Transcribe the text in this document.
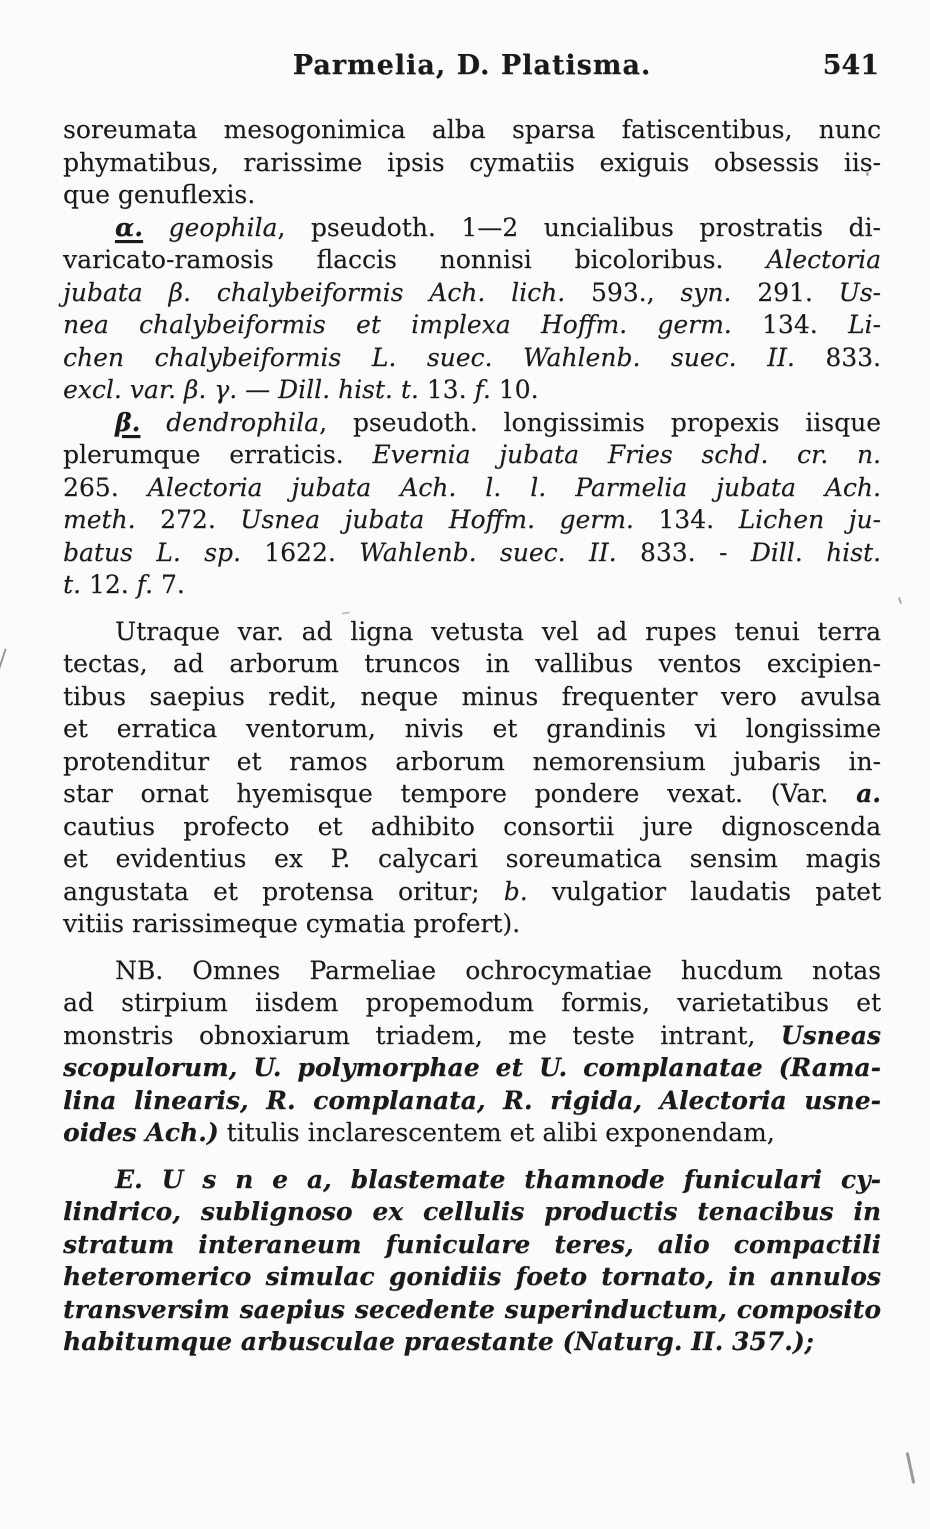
Parmelia, D. Platisma.	541
soreumata mesogonimica alba sparsa fatiscentibus, nunc
phymatibus, rarissime ipsis cymatiis exiguis obsessis iis-
que genuflexis.
α. geophila, pseudoth. 1—2 uncialibus prostratis di-
varicato-ramosis flaccis nonnisi bicoloribus. Alectoria
jubata β. chalybeiformis Ach. lich. 593., syn. 291. Us-
nea chalybeiformis et implexa Hoffm. germ. 134. Li-
chen chalybeiformis L. suec. Wahlenb. suec. II. 833.
excl. var. β. γ. — Dill. hist. t. 13. f. 10.
β. dendrophila, pseudoth. longissimis propexis iisque
plerumque erraticis. Evernia jubata Fries schd. cr. n.
265. Alectoria jubata Ach. l. l. Parmelia jubata Ach.
meth. 272. Usnea jubata Hoffm. germ. 134. Lichen ju-
batus L. sp. 1622. Wahlenb. suec. II. 833. - Dill. hist.
t. 12. f. 7.
Utraque var. ad ligna vetusta vel ad rupes tenui terra
tectas, ad arborum truncos in vallibus ventos excipien-
tibus saepius redit, neque minus frequenter vero avulsa
et erratica ventorum, nivis et grandinis vi longissime
protenditur et ramos arborum nemorensium jubaris in-
star ornat hyemisque tempore pondere vexat. (Var. a.
cautius profecto et adhibito consortii jure dignoscenda
et evidentius ex P. calycari soreumatica sensim magis
angustata et protensa oritur; b. vulgatior laudatis patet
vitiis rarissimeque cymatia profert).
NB. Omnes Parmeliae ochrocymatiae hucdum notas
ad stirpium iisdem propemodum formis, varietatibus et
monstris obnoxiarum triadem, me teste intrant, Usneas
scopulorum, U. polymorphae et U. complanatae (Rama-
lina linearis, R. complanata, R. rigida, Alectoria usne-
oides Ach.) titulis inclarescentem et alibi exponendam,
E. U s n e a, blastemate thamnode funiculari cy-
lindrico, sublignoso ex cellulis productis tenacibus in
stratum interaneum funiculare teres, alio compactili
heteromerico simulac gonidiis foeto tornato, in annulos
transversim saepius secedente superinductum, composito
habitumque arbusculae praestante (Naturg. II. 357.);
